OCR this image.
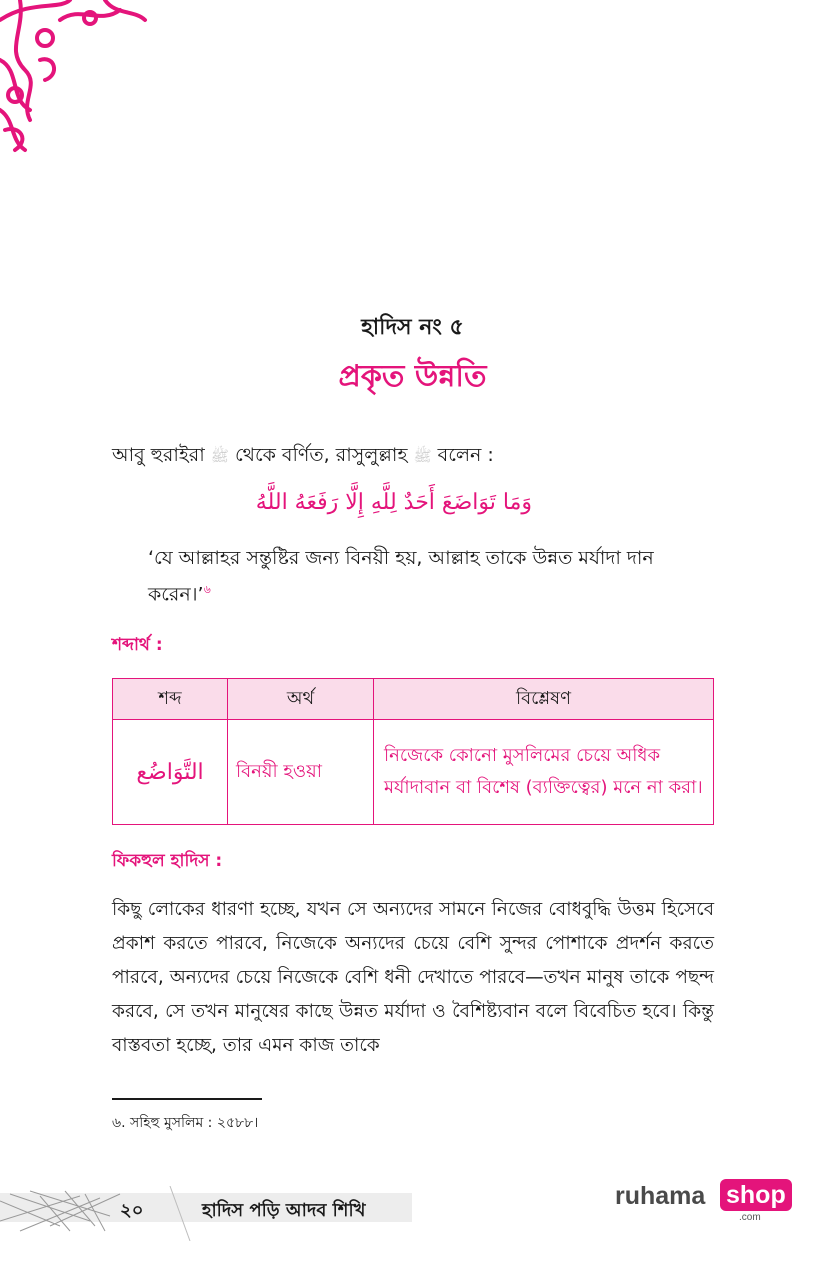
হাদিস নং ৫
প্রকৃত উন্নতি
আবু হুরাইরা ﷺ থেকে বর্ণিত, রাসুলুল্লাহ ﷺ বলেন :
وَمَا تَوَاضَعَ أَحَدٌ لِلَّهِ إِلَّا رَفَعَهُ اللَّهُ
‘যে আল্লাহর সন্তুষ্টির জন্য বিনয়ী হয়, আল্লাহ তাকে উন্নত মর্যাদা দান করেন।’$^৬$
শব্দার্থ :
শব্দ	অর্থ	বিশ্লেষণ
التَّوَاضُع	বিনয়ী হওয়া	নিজেকে কোনো মুসলিমের চেয়ে অধিক মর্যাদাবান বা বিশেষ (ব্যক্তিত্বের) মনে না করা।
ফিকহুল হাদিস :
কিছু লোকের ধারণা হচ্ছে, যখন সে অন্যদের সামনে নিজের বোধবুদ্ধি উত্তম হিসেবে প্রকাশ করতে পারবে, নিজেকে অন্যদের চেয়ে বেশি সুন্দর পোশাকে প্রদর্শন করতে পারবে, অন্যদের চেয়ে নিজেকে বেশি ধনী দেখাতে পারবে—তখন মানুষ তাকে পছন্দ করবে, সে তখন মানুষের কাছে উন্নত মর্যাদা ও বৈশিষ্ট্যবান বলে বিবেচিত হবে। কিন্তু বাস্তবতা হচ্ছে, তার এমন কাজ তাকে
৬. সহিহু মুসলিম : ২৫৮৮।
২০	হাদিস পড়ি আদব শিখি
ruhama shop
.com
